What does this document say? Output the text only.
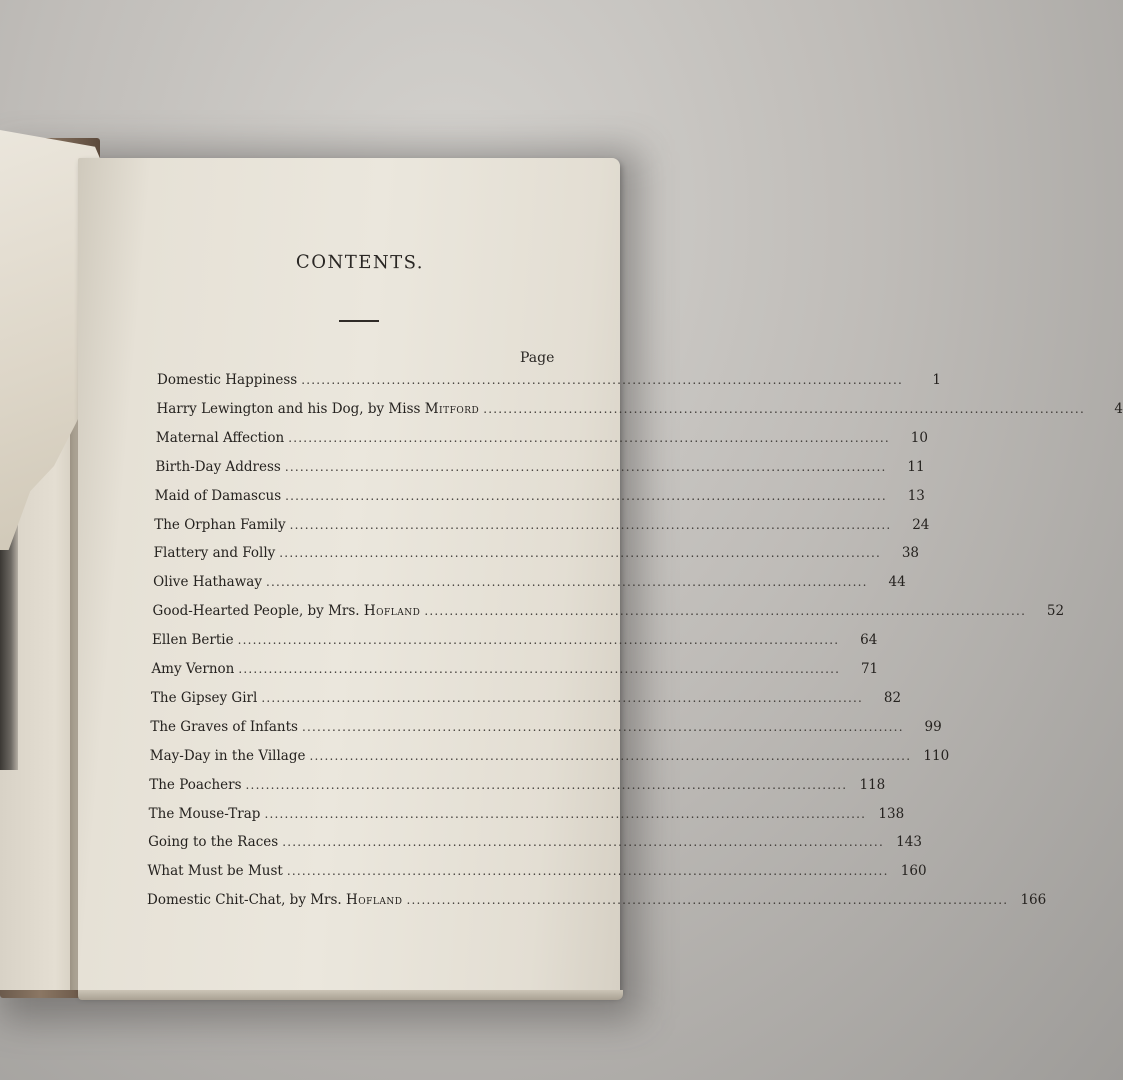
CONTENTS.
Page
Domestic Happiness ........................................................................................................................	1
Harry Lewington and his Dog, by Miss Mitford ........................................................................................................................	4
Maternal Affection ........................................................................................................................	10
Birth-Day Address ........................................................................................................................	11
Maid of Damascus ........................................................................................................................	13
The Orphan Family ........................................................................................................................	24
Flattery and Folly ........................................................................................................................	38
Olive Hathaway ........................................................................................................................	44
Good-Hearted People, by Mrs. Hofland ........................................................................................................................	52
Ellen Bertie ........................................................................................................................	64
Amy Vernon ........................................................................................................................	71
The Gipsey Girl ........................................................................................................................	82
The Graves of Infants ........................................................................................................................	99
May-Day in the Village ........................................................................................................................ 110
The Poachers ........................................................................................................................ 118
The Mouse-Trap ........................................................................................................................ 138
Going to the Races ........................................................................................................................ 143
What Must be Must ........................................................................................................................ 160
Domestic Chit-Chat, by Mrs. Hofland ........................................................................................................................ 166
